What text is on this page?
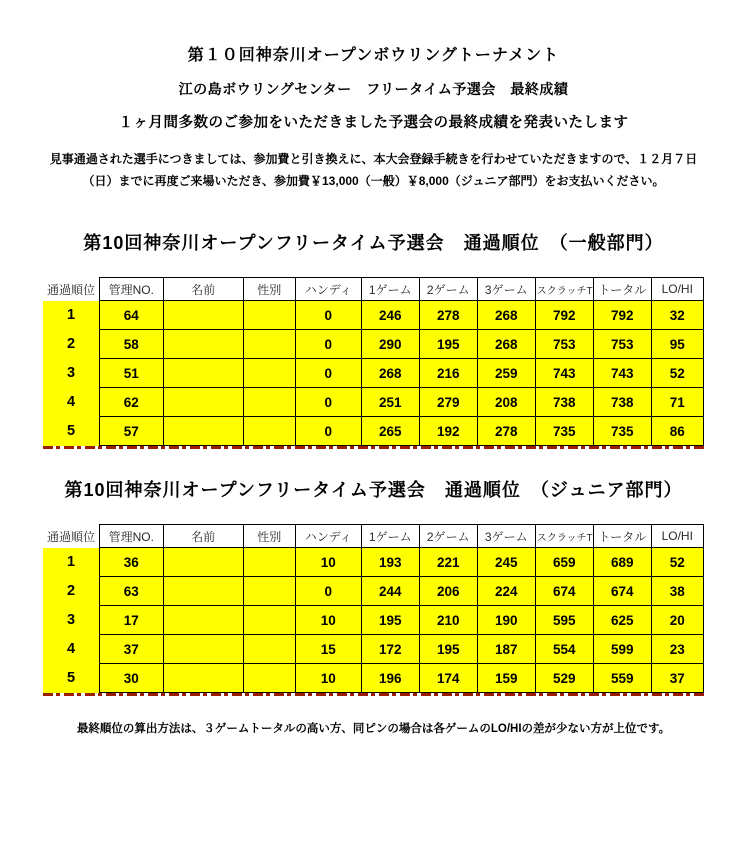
第１０回神奈川オープンボウリングトーナメント
江の島ボウリングセンター　フリータイム予選会　最終成績
１ヶ月間多数のご参加をいただきました予選会の最終成績を発表いたします
見事通過された選手につきましては、参加費と引き換えに、本大会登録手続きを行わせていただきますので、１２月７日
（日）までに再度ご来場いただき、参加費￥13,000（一般）￥8,000（ジュニア部門）をお支払いください。
第10回神奈川オープンフリータイム予選会　通過順位　（一般部門）
通過順位	管理NO.	名前	性別	ハンディ	1ゲーム	2ゲーム	3ゲーム	スクラッチT	トータル	LO/HI
1	64			0	246	278	268	792	792	32
2	58			0	290	195	268	753	753	95
3	51			0	268	216	259	743	743	52
4	62			0	251	279	208	738	738	71
5	57			0	265	192	278	735	735	86
第10回神奈川オープンフリータイム予選会　通過順位　（ジュニア部門）
通過順位	管理NO.	名前	性別	ハンディ	1ゲーム	2ゲーム	3ゲーム	スクラッチT	トータル	LO/HI
1	36			10	193	221	245	659	689	52
2	63			0	244	206	224	674	674	38
3	17			10	195	210	190	595	625	20
4	37			15	172	195	187	554	599	23
5	30			10	196	174	159	529	559	37
最終順位の算出方法は、３ゲームトータルの高い方、同ピンの場合は各ゲームのLO/HIの差が少ない方が上位です。
